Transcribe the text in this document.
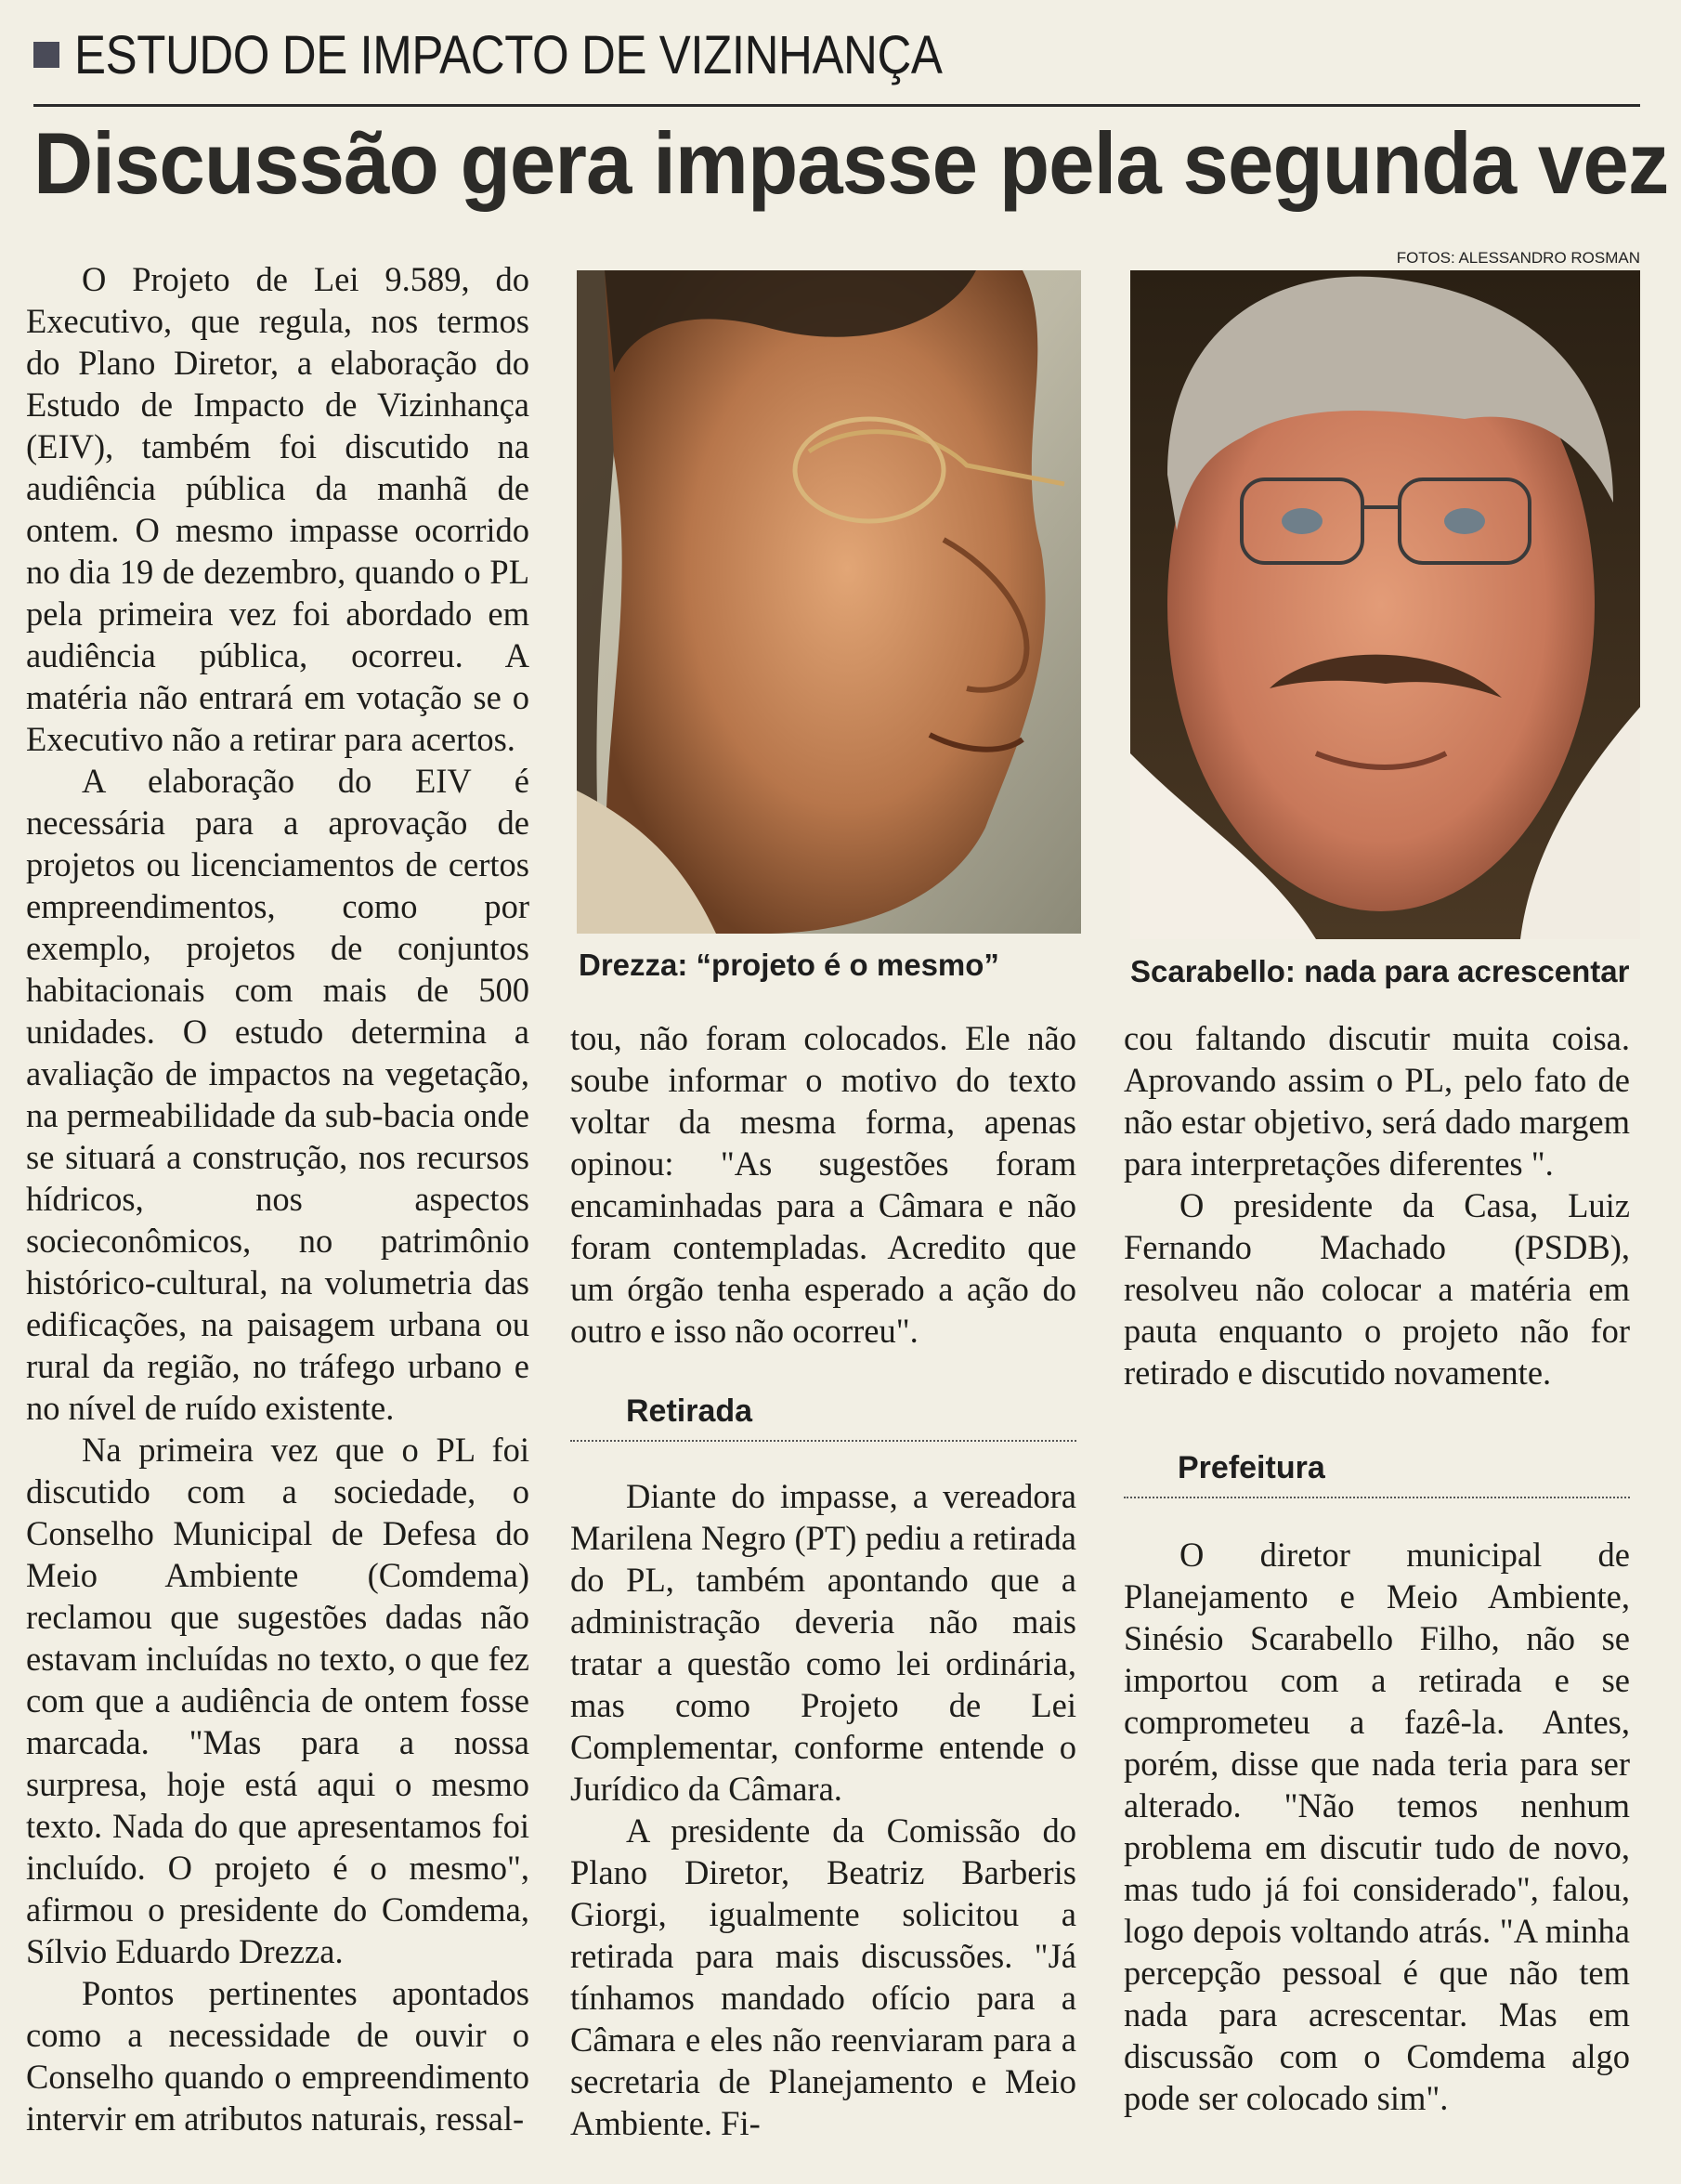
ESTUDO DE IMPACTO DE VIZINHANÇA
Discussão gera impasse pela segunda vez
FOTOS: ALESSANDRO ROSMAN

O Projeto de Lei 9.589, do Executivo, que regula, nos termos do Plano Diretor, a elaboração do Estudo de Impacto de Vizinhança (EIV), também foi discutido na audiência pública da manhã de ontem. O mesmo impasse ocorrido no dia 19 de dezembro, quando o PL pela primeira vez foi abordado em audiência pública, ocorreu. A matéria não entrará em votação se o Executivo não a retirar para acertos.

A elaboração do EIV é necessária para a aprovação de projetos ou licenciamentos de certos empreendimentos, como por exemplo, projetos de conjuntos habitacionais com mais de 500 unidades. O estudo determina a avaliação de impactos na vegetação, na permeabilidade da sub-bacia onde se situará a construção, nos recursos hídricos, nos aspectos socieconômicos, no patrimônio histórico-cultural, na volumetria das edificações, na paisagem urbana ou rural da região, no tráfego urbano e no nível de ruído existente.

Na primeira vez que o PL foi discutido com a sociedade, o Conselho Municipal de Defesa do Meio Ambiente (Comdema) reclamou que sugestões dadas não estavam incluídas no texto, o que fez com que a audiência de ontem fosse marcada. "Mas para a nossa surpresa, hoje está aqui o mesmo texto. Nada do que apresentamos foi incluído. O projeto é o mesmo", afirmou o presidente do Comdema, Sílvio Eduardo Drezza.

Pontos pertinentes apontados como a necessidade de ouvir o Conselho quando o empreendimento intervir em atributos naturais, ressal-

Drezza: “projeto é o mesmo”	Scarabello: nada para acrescentar

tou, não foram colocados. Ele não soube informar o motivo do texto voltar da mesma forma, apenas opinou: "As sugestões foram encaminhadas para a Câmara e não foram contempladas. Acredito que um órgão tenha esperado a ação do outro e isso não ocorreu".

Retirada

Diante do impasse, a vereadora Marilena Negro (PT) pediu a retirada do PL, também apontando que a administração deveria não mais tratar a questão como lei ordinária, mas como Projeto de Lei Complementar, conforme entende o Jurídico da Câmara.

A presidente da Comissão do Plano Diretor, Beatriz Barberis Giorgi, igualmente solicitou a retirada para mais discussões. "Já tínhamos mandado ofício para a Câmara e eles não reenviaram para a secretaria de Planejamento e Meio Ambiente. Fi-

cou faltando discutir muita coisa. Aprovando assim o PL, pelo fato de não estar objetivo, será dado margem para interpretações diferentes ".

O presidente da Casa, Luiz Fernando Machado (PSDB), resolveu não colocar a matéria em pauta enquanto o projeto não for retirado e discutido novamente.

Prefeitura

O diretor municipal de Planejamento e Meio Ambiente, Sinésio Scarabello Filho, não se importou com a retirada e se comprometeu a fazê-la. Antes, porém, disse que nada teria para ser alterado. "Não temos nenhum problema em discutir tudo de novo, mas tudo já foi considerado", falou, logo depois voltando atrás. "A minha percepção pessoal é que não tem nada para acrescentar. Mas em discussão com o Comdema algo pode ser colocado sim".
